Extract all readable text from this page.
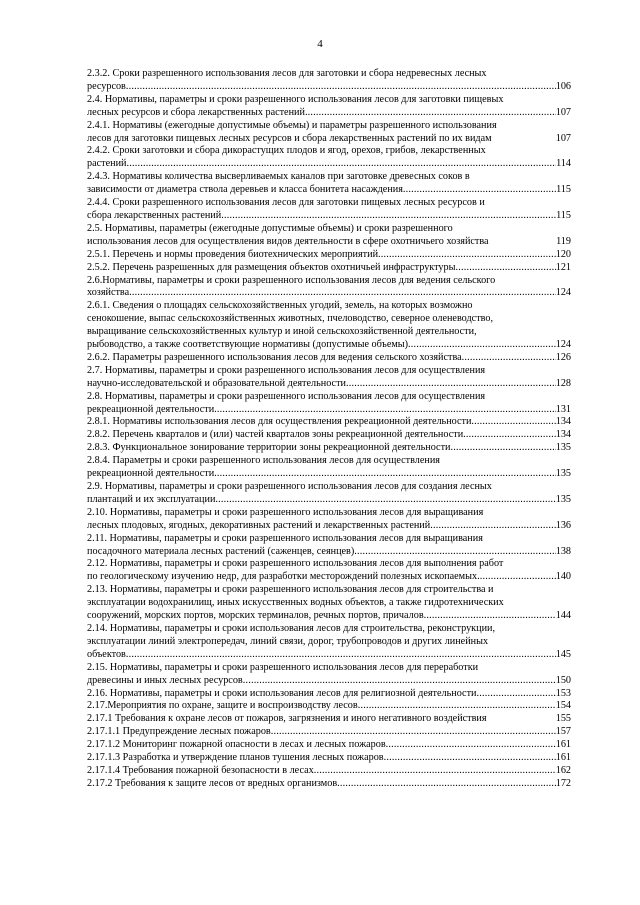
4
2.3.2. Сроки разрешенного использования лесов для заготовки и сбора недревесных лесных
ресурсов .....	106
2.4. Нормативы, параметры и сроки разрешенного использования лесов для заготовки пищевых
лесных ресурсов и сбора лекарственных растений .....	107
2.4.1. Нормативы (ежегодные допустимые объемы) и параметры разрешенного использования
лесов для заготовки пищевых лесных ресурсов и сбора лекарственных растений по их видам	107
2.4.2. Сроки заготовки и сбора дикорастущих плодов и ягод, орехов, грибов, лекарственных
растений .....	114
2.4.3. Нормативы количества высверливаемых каналов при заготовке древесных соков в
зависимости от диаметра ствола деревьев и класса бонитета насаждения .....	115
2.4.4. Сроки разрешенного использования лесов для заготовки пищевых лесных ресурсов и
сбора лекарственных растений .....	115
2.5. Нормативы, параметры (ежегодные допустимые объемы) и сроки разрешенного
использования лесов для осуществления видов деятельности в сфере охотничьего хозяйства	119
2.5.1. Перечень и нормы проведения биотехнических мероприятий .....	120
2.5.2. Перечень разрешенных для размещения объектов охотничьей инфраструктуры .....	121
2.6.Нормативы, параметры и сроки разрешенного использования лесов для ведения сельского
хозяйства .....	124
2.6.1. Сведения о площадях сельскохозяйственных угодий, земель, на которых возможно
сенокошение, выпас сельскохозяйственных животных, пчеловодство, северное оленеводство,
выращивание сельскохозяйственных культур и иной сельскохозяйственной деятельности,
рыбоводство, а также соответствующие нормативы (допустимые объемы) .....	124
2.6.2. Параметры разрешенного использования лесов для ведения сельского хозяйства .....	126
2.7. Нормативы, параметры и сроки разрешенного использования лесов для осуществления
научно-исследовательской и образовательной деятельности .....	128
2.8. Нормативы, параметры и сроки разрешенного использования лесов для осуществления
рекреационной деятельности .....	131
2.8.1. Нормативы использования лесов для осуществления рекреационной деятельности .....	134
2.8.2. Перечень кварталов и (или) частей кварталов зоны рекреационной деятельности .....	134
2.8.3. Функциональное зонирование территории зоны рекреационной деятельности .....	135
2.8.4. Параметры и сроки разрешенного использования лесов для осуществления
рекреационной деятельности .....	135
2.9. Нормативы, параметры и сроки разрешенного использования лесов для создания лесных
плантаций и их эксплуатации .....	135
2.10. Нормативы, параметры и сроки разрешенного использования лесов для выращивания
лесных плодовых, ягодных, декоративных растений и лекарственных растений .....	136
2.11. Нормативы, параметры и сроки разрешенного использования лесов для выращивания
посадочного материала лесных растений (саженцев, сеянцев) .....	138
2.12. Нормативы, параметры и сроки разрешенного использования лесов для выполнения работ
по геологическому изучению недр, для разработки месторождений полезных ископаемых .....	140
2.13. Нормативы, параметры и сроки разрешенного использования лесов для строительства и
эксплуатации водохранилищ, иных искусственных водных объектов, а также гидротехнических
сооружений, морских портов, морских терминалов, речных портов, причалов .....	144
2.14. Нормативы, параметры и сроки использования лесов для строительства, реконструкции,
эксплуатации линий электропередач, линий связи, дорог, трубопроводов и других линейных
объектов .....	145
2.15. Нормативы, параметры и сроки разрешенного использования лесов для переработки
древесины и иных лесных ресурсов .....	150
2.16. Нормативы, параметры и сроки использования лесов для религиозной деятельности .....	153
2.17.Мероприятия по охране, защите и воспроизводству лесов .....	154
2.17.1 Требования к охране лесов от пожаров, загрязнения и иного негативного воздействия	155
2.17.1.1 Предупреждение лесных пожаров .....	157
2.17.1.2 Мониторинг пожарной опасности в лесах и лесных пожаров .....	161
2.17.1.3 Разработка и утверждение планов тушения лесных пожаров .....	161
2.17.1.4 Требования пожарной безопасности в лесах .....	162
2.17.2 Требования к защите лесов от вредных организмов .....	172
